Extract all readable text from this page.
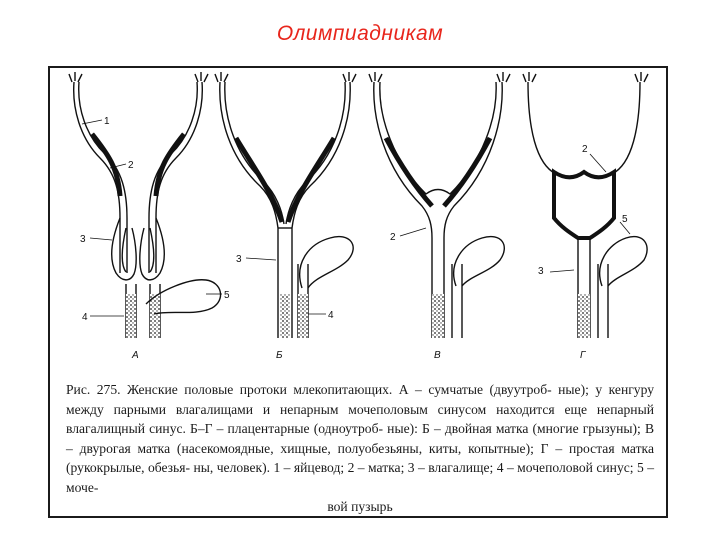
Олимпиадникам
1
2
3
4
5
А
3
4
Б
2
В
2
3
5
Г
Рис. 275. Женские половые протоки млекопитающих. А – сумчатые (двуутроб- ные); у кенгуру между парными влагалищами и непарным мочеполовым синусом находится еще непарный влагалищный синус. Б–Г – плацентарные (одноутроб- ные): Б – двойная матка (многие грызуны); В – двурогая матка (насекомоядные, хищные, полуобезьяны, киты, копытные); Г – простая матка (рукокрылые, обезья- ны, человек). 1 – яйцевод; 2 – матка; 3 – влагалище; 4 – мочеполовой синус; 5 – моче-
вой пузырь
